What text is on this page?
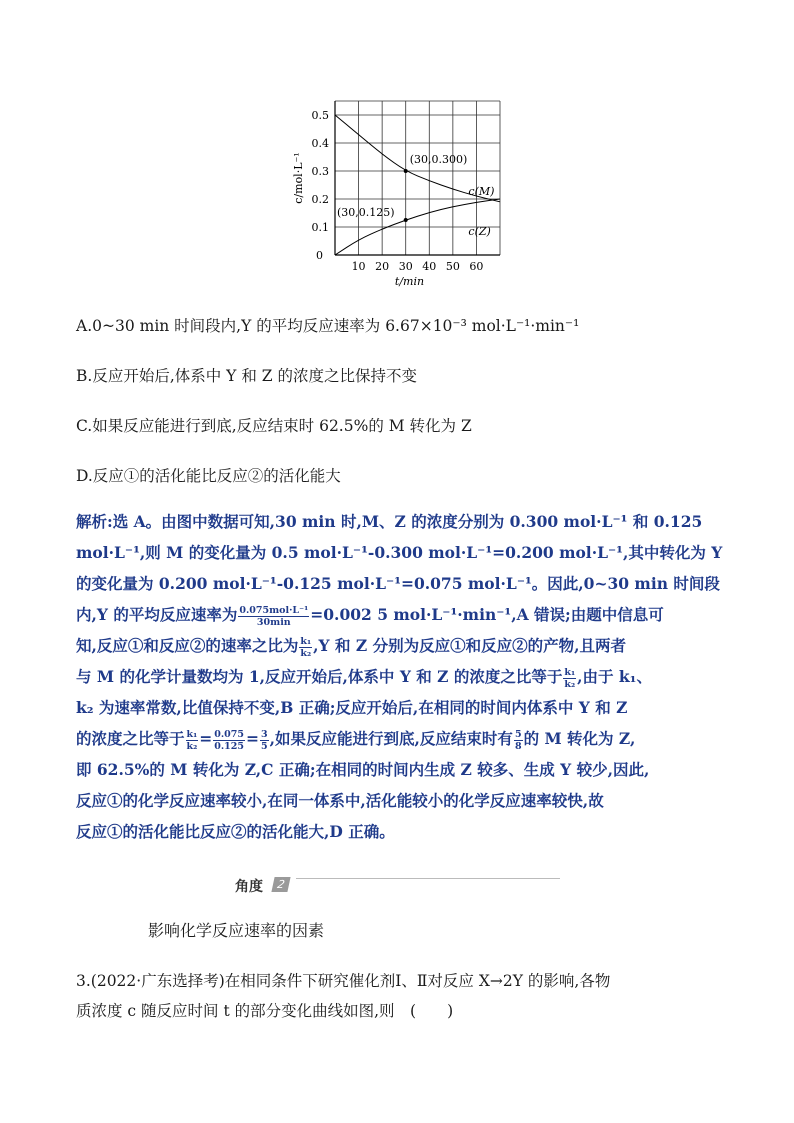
10 20 30 40 50 60
0.5
0.4
0.3
0.2
0.1
0
t/min
c/mol·L⁻¹	(30,0.300)
(30,0.125)
c(M)
c(Z)
A.0~30 min 时间段内,Y 的平均反应速率为 6.67×10⁻³ mol·L⁻¹·min⁻¹
B.反应开始后,体系中 Y 和 Z 的浓度之比保持不变
C.如果反应能进行到底,反应结束时 62.5%的 M 转化为 Z
D.反应①的活化能比反应②的活化能大
解析:选 A。由图中数据可知,30 min 时,M、Z 的浓度分别为 0.300 mol·L⁻¹ 和 0.125
mol·L⁻¹,则 M 的变化量为 0.5 mol·L⁻¹-0.300 mol·L⁻¹=0.200 mol·L⁻¹,其中转化为 Y
的变化量为 0.200 mol·L⁻¹-0.125 mol·L⁻¹=0.075 mol·L⁻¹。因此,0~30 min 时间段
内,Y 的平均反应速率为 $\frac{\text{0.075mol·L⁻¹}}{30\min} =0.002$ 5 mol·L⁻¹·min⁻¹,A 错误;由题中信息可
知,反应①和反应②的速率之比为 $\frac{\text{k₁}}{\text{k₂}} ,Y$ 和 Z 分别为反应①和反应②的产物,且两者
与 M 的化学计量数均为 1,反应开始后,体系中 Y 和 Z 的浓度之比等于 $\frac{\text{k₁}}{\text{k₂}}$ ,由于 k₁、
k₂ 为速率常数,比值保持不变,B 正确;反应开始后,在相同的时间内体系中 Y 和 Z
的浓度之比等于 $\frac{\text{k₁}}{\text{k₂}} = \frac{0.075}{0.125} = \frac{3}{5}$ ,如果反应能进行到底,反应结束时有 $\frac{5}{8}$ 的 M 转化为 Z,
即 62.5%的 M 转化为 Z,C 正确;在相同的时间内生成 Z 较多、生成 Y 较少,因此,
反应①的化学反应速率较小,在同一体系中,活化能较小的化学反应速率较快,故
反应①的活化能比反应②的活化能大,D 正确。
角度	2
影响化学反应速率的因素
3.(2022·广东选择考)在相同条件下研究催化剂Ⅰ、Ⅱ对反应 X→2Y 的影响,各物
质浓度 c 随反应时间 t 的部分变化曲线如图,则　(　　)
